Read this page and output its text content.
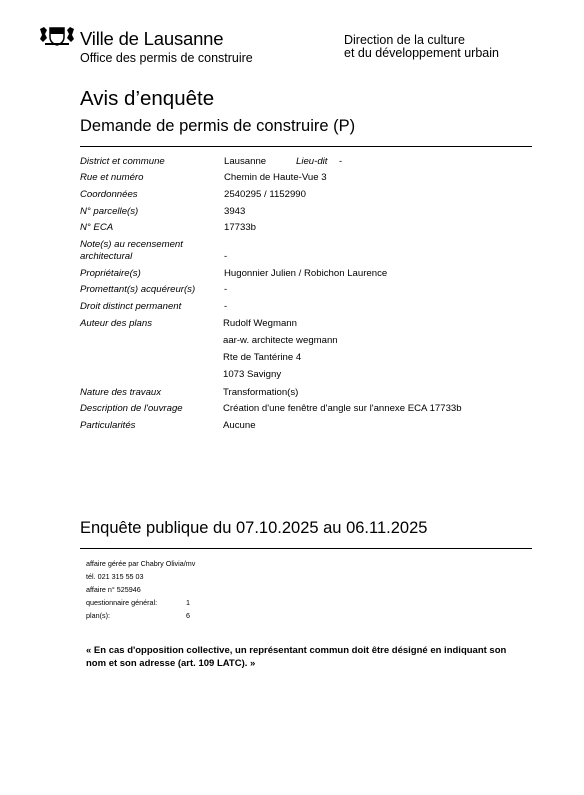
Ville de Lausanne
Office des permis de construire
Direction de la culture
et du développement urbain
Avis d’enquête
Demande de permis de construire (P)
District et commune	Lausanne	Lieu-dit -
Rue et numéro	Chemin de Haute-Vue 3
Coordonnées	2540295 / 1152990
N° parcelle(s)	3943
N° ECA	17733b
Note(s) au recensement
architectural	-
Propriétaire(s)	Hugonnier Julien / Robichon Laurence
Promettant(s) acquéreur(s)	-
Droit distinct permanent	-
Auteur des plans	Rudolf Wegmann
aar-w. architecte wegmann
Rte de Tantérine 4
1073 Savigny
Nature des travaux	Transformation(s)
Description de l'ouvrage	Création d'une fenêtre d'angle sur l'annexe ECA 17733b
Particularités	Aucune
Enquête publique du 07.10.2025 au 06.11.2025
affaire gérée par Chabry Olivia/mv
tél. 021 315 55 03
affaire n° 525946
questionnaire général:	1
plan(s):	6
« En cas d'opposition collective, un représentant commun doit être désigné en indiquant son nom et son adresse (art. 109 LATC). »
